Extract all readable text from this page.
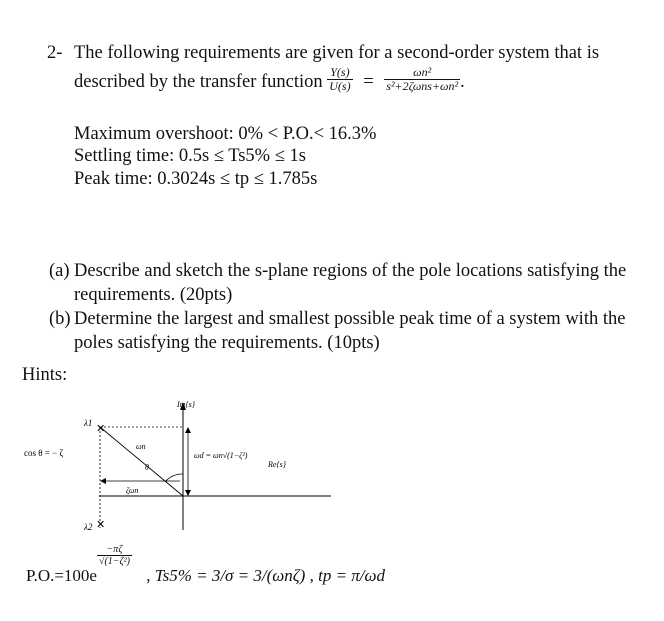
2- The following requirements are given for a second-order system that is
described by the transfer function $\frac{Y(s)}{U(s)} = \frac{\text{ωn²}}{\text{s²+2ζωns+ωn²}}$ .
Maximum overshoot: 0% < P.O.< 16.3%
Settling time: 0.5s ≤ Ts5% ≤ 1s
Peak time: 0.3024s ≤ tp ≤ 1.785s
(a) Describe and sketch the s-plane regions of the pole locations satisfying the
requirements. (20pts)
(b) Determine the largest and smallest possible peak time of a system with the
poles satisfying the requirements. (10pts)
Hints:
✕
✕
cos θ = − ζ
λ1
λ2
ωn
θ
ζωn
Im{s}
Re{s}
ωd = ωn√(1−ζ²)
P.O.=100e
$\frac{-\pi\zeta}{\text{√(1−ζ²)}}$
, Ts5% = 3/σ = 3/(ωnζ) , tp = π/ωd
